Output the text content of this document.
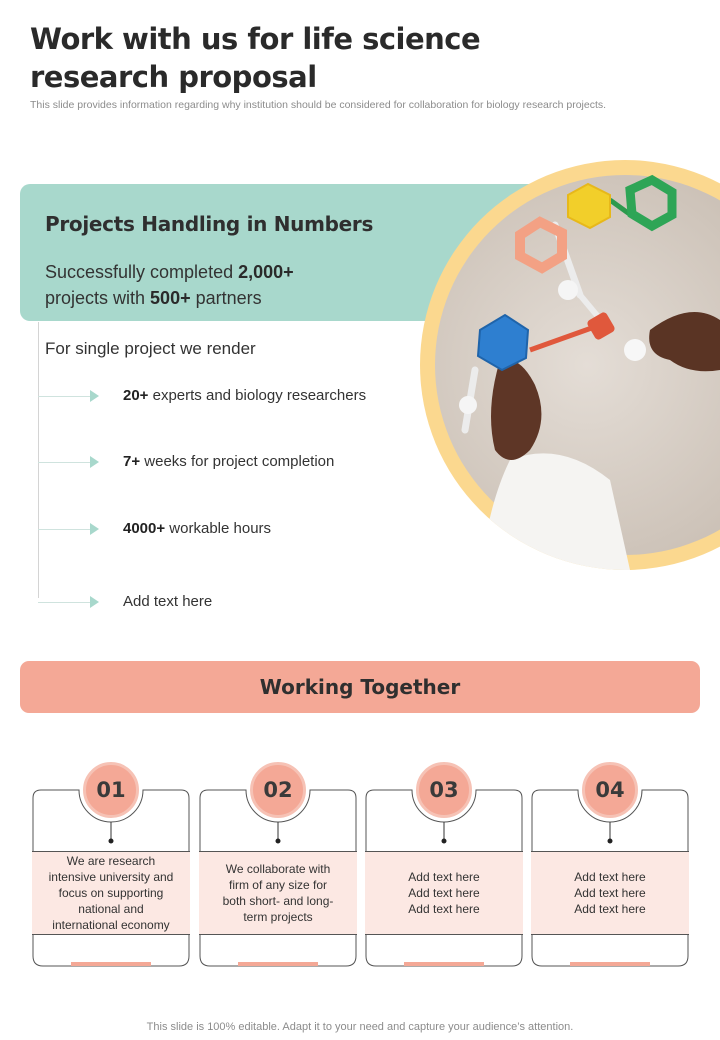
Work with us for life science research proposal
This slide provides information regarding why institution should be considered for collaboration for biology research projects.
Projects Handling in Numbers
Successfully completed 2,000+
projects with 500+ partners
For single project we render
20+ experts and biology researchers
7+ weeks for project completion
4000+ workable hours
Add text here
Working Together
01
We are research
intensive university and
focus on supporting
national and
international economy
02
We collaborate with
firm of any size for
both short- and long-
term projects
03
Add text here
Add text here
Add text here
04
Add text here
Add text here
Add text here
This slide is 100% editable. Adapt it to your need and capture your audience’s attention.
